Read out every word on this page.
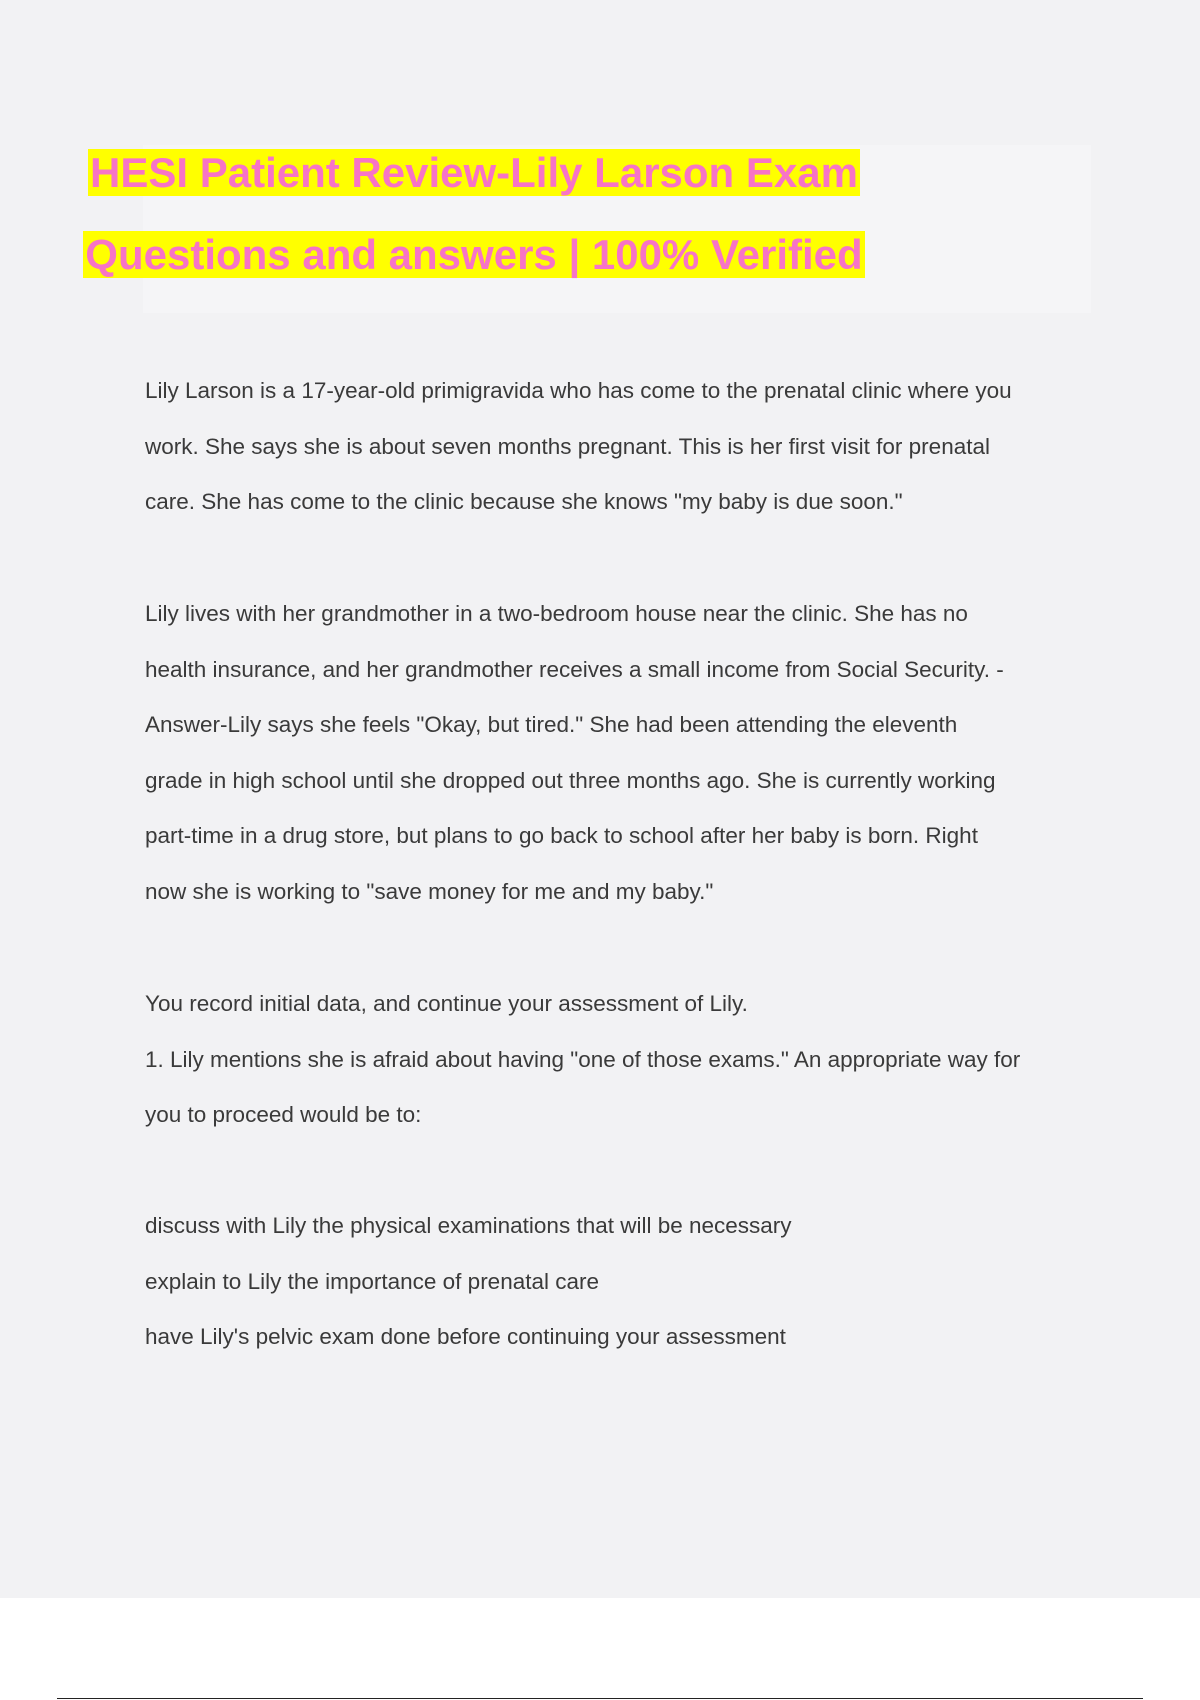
HESI Patient Review-Lily Larson Exam
Questions and answers | 100% Verified
Lily Larson is a 17-year-old primigravida who has come to the prenatal clinic where you
work. She says she is about seven months pregnant. This is her first visit for prenatal
care. She has come to the clinic because she knows "my baby is due soon."
Lily lives with her grandmother in a two-bedroom house near the clinic. She has no
health insurance, and her grandmother receives a small income from Social Security. -
Answer-Lily says she feels "Okay, but tired." She had been attending the eleventh
grade in high school until she dropped out three months ago. She is currently working
part-time in a drug store, but plans to go back to school after her baby is born. Right
now she is working to "save money for me and my baby."
You record initial data, and continue your assessment of Lily.
1. Lily mentions she is afraid about having "one of those exams." An appropriate way for
you to proceed would be to:
discuss with Lily the physical examinations that will be necessary
explain to Lily the importance of prenatal care
have Lily's pelvic exam done before continuing your assessment
